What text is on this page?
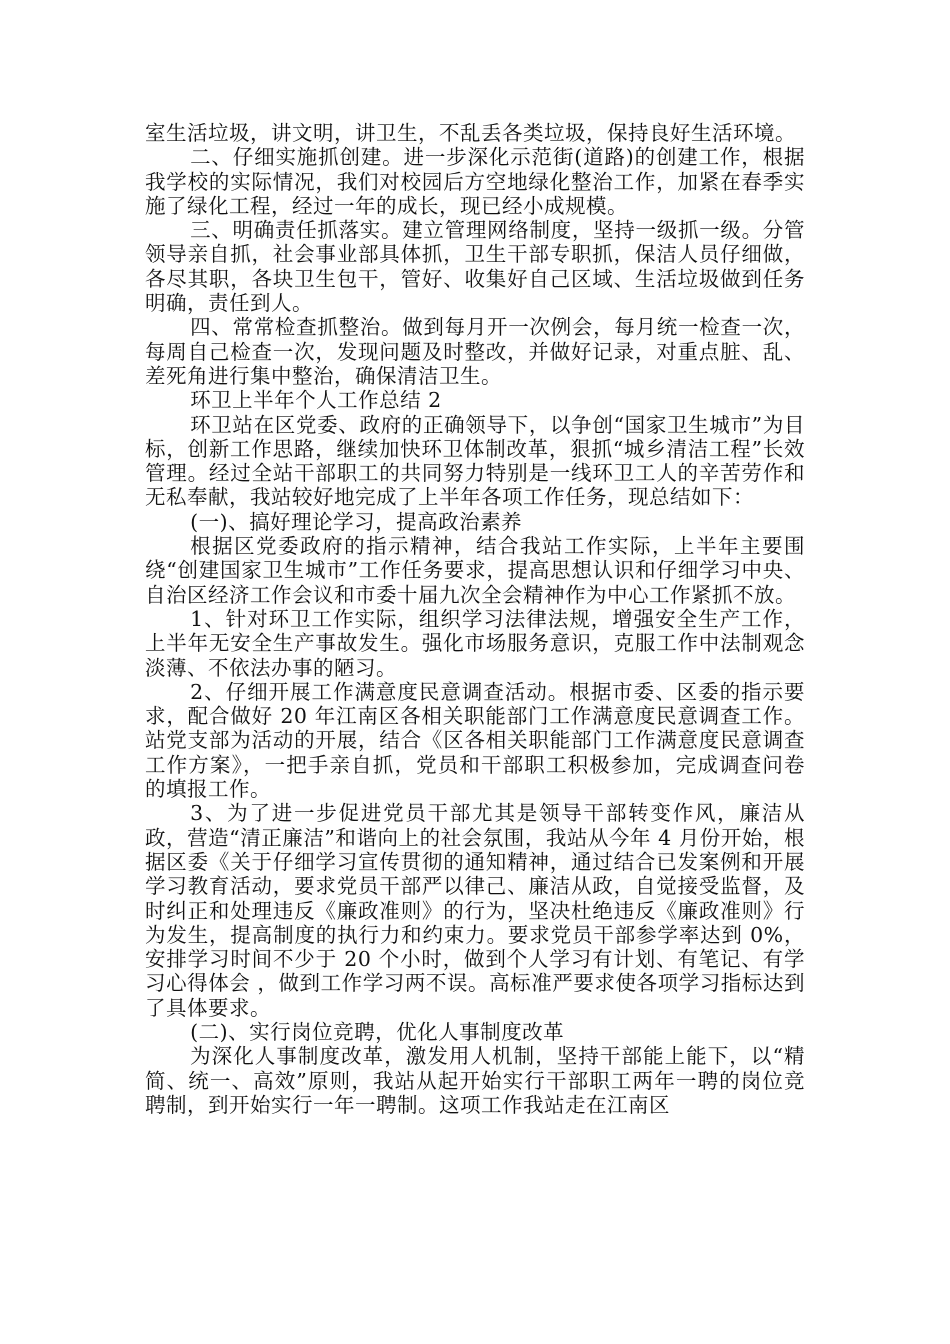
室生活垃圾，讲文明，讲卫生，不乱丢各类垃圾，保持良好生活环境。

二、仔细实施抓创建。进一步深化示范街(道路)的创建工作，根据我学校的实际情况，我们对校园后方空地绿化整治工作，加紧在春季实施了绿化工程，经过一年的成长，现已经小成规模。

三、明确责任抓落实。建立管理网络制度，坚持一级抓一级。分管领导亲自抓，社会事业部具体抓，卫生干部专职抓，保洁人员仔细做，各尽其职，各块卫生包干，管好、收集好自己区域、生活垃圾做到任务明确，责任到人。

四、常常检查抓整治。做到每月开一次例会，每月统一检查一次，每周自己检查一次，发现问题及时整改，并做好记录，对重点脏、乱、差死角进行集中整治，确保清洁卫生。

环卫上半年个人工作总结 2

环卫站在区党委、政府的正确领导下，以争创“国家卫生城市”为目标，创新工作思路，继续加快环卫体制改革，狠抓“城乡清洁工程”长效管理。经过全站干部职工的共同努力特别是一线环卫工人的辛苦劳作和无私奉献，我站较好地完成了上半年各项工作任务，现总结如下：

(一)、搞好理论学习，提高政治素养

根据区党委政府的指示精神，结合我站工作实际，上半年主要围绕“创建国家卫生城市”工作任务要求，提高思想认识和仔细学习中央、自治区经济工作会议和市委十届九次全会精神作为中心工作紧抓不放。

1、针对环卫工作实际，组织学习法律法规，增强安全生产工作，上半年无安全生产事故发生。强化市场服务意识，克服工作中法制观念淡薄、不依法办事的陋习。

2、仔细开展工作满意度民意调查活动。根据市委、区委的指示要求，配合做好 20 年江南区各相关职能部门工作满意度民意调查工作。站党支部为活动的开展，结合《区各相关职能部门工作满意度民意调查工作方案》，一把手亲自抓，党员和干部职工积极参加，完成调查问卷的填报工作。

3、为了进一步促进党员干部尤其是领导干部转变作风，廉洁从政，营造“清正廉洁”和谐向上的社会氛围，我站从今年 4 月份开始，根据区委《关于仔细学习宣传贯彻的通知精神，通过结合已发案例和开展学习教育活动，要求党员干部严以律己、廉洁从政，自觉接受监督，及时纠正和处理违反《廉政准则》的行为，坚决杜绝违反《廉政准则》行为发生，提高制度的执行力和约束力。要求党员干部参学率达到 0%，安排学习时间不少于 20 个小时，做到个人学习有计划、有笔记、有学习心得体会 ，做到工作学习两不误。高标准严要求使各项学习指标达到了具体要求。

(二)、实行岗位竞聘，优化人事制度改革

为深化人事制度改革，激发用人机制，坚持干部能上能下，以“精简、统一、高效”原则，我站从起开始实行干部职工两年一聘的岗位竞聘制，到开始实行一年一聘制。这项工作我站走在江南区
